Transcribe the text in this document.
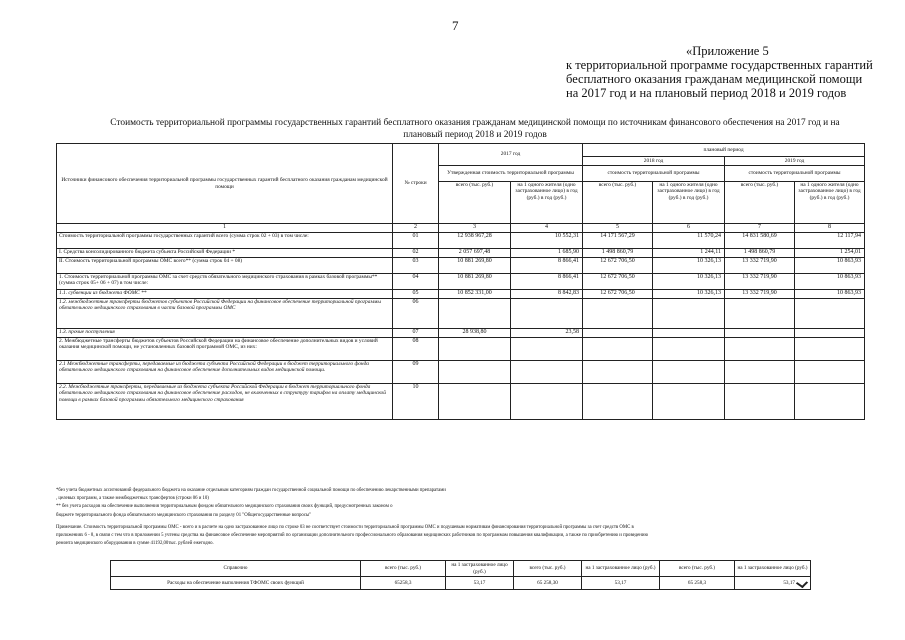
7
«Приложение 5
к территориальной программе государственных гарантий
бесплатного оказания гражданам медицинской помощи
на 2017 год и на плановый период 2018 и 2019 годов
Стоимость территориальной программы государственных гарантий бесплатного оказания гражданам медицинской помощи по источникам финансового обеспечения на 2017 год и на
плановый период 2018 и 2019 годов
Источники финансового обеспечения территориальной программы государственных гарантий бесплатного оказания гражданам медицинской помощи	№ строки	2017 год		плановый период			
				2018 год		2019 год	
		Утвержденная стоимость территориальной программы		стоимость территориальной программы		стоимость территориальной программы	
		всего (тыс. руб.)	на 1 одного жителя (одно застрахованное лицо) в год (руб.) в год (руб.)	всего (тыс. руб.)	на 1 одного жителя (одно застрахованное лицо) в год (руб.) в год (руб.)	всего (тыс. руб.)	на 1 одного жителя (одно застрахованное лицо) в год (руб.) в год (руб.)
1	2	3	4	5	6	7	8
Стоимость территориальной программы государственных гарантий всего (сумма строк 02 + 03) в том числе:	01	12 938 967,28	10 552,31	14 171 567,29	11 570,24	14 831 580,69	12 117,94
I. Средства консолидированного бюджета субъекта Российской Федерации *	02	2 057 697,48	1 685,90	1 498 860,79	1 244,11	1 498 860,79	1 254,01
II. Стоимость территориальной программы ОМС всего** (сумма строк 04 + 08)	03	10 881 269,80	8 866,41	12 672 706,50	10 326,13	13 332 719,90	10 863,93
1. Стоимость территориальной программы ОМС за счет средств обязательного медицинского страхования в рамках базовой программы** (сумма строк 05+ 06 + 07) в том числе:	04	10 881 269,80	8 866,41	12 672 706,50	10 326,13	13 332 719,90	10 863,93
1.1. субвенции из бюджета ФОМС **	05	10 852 331,00	8 842,83	12 672 706,50	10 326,13	13 332 719,90	10 863,93
1.2. межбюджетные трансферты бюджетов субъектов Российской Федерации на финансовое обеспечение территориальной программы обязательного медицинского страхования в части базовой программы ОМС	06						
1.3. прочие поступления	07	28 938,80	23,58				
2. Межбюджетные трансферты бюджетов субъектов Российской Федерации на финансовое обеспечение дополнительных видов и условий оказания медицинской помощи, не установленных базовой программой ОМС, из них:	08						
2.1 Межбюджетные трансферты, передаваемые из бюджета субъекта Российской Федерации в бюджет территориального фонда обязательного медицинского страхования на финансовое обеспечение дополнительных видов медицинской помощи.	09						
2.2. Межбюджетные трансферты, передаваемые из бюджета субъекта Российской Федерации в бюджет территориального фонда обязательного медицинского страхования на финансовое обеспечение расходов, не включенных в структуру тарифов на оплату медицинской помощи в рамках базовой программы обязательного медицинского страхования	10						
*без учета бюджетных ассигнований федерального бюджета на оказание отдельным категориям граждан государственной социальной помощи по обеспечению лекарственными препаратами
, целевых программ, а также межбюджетных трансфертов (строки 06 и 10)
** без учета расходов на обеспечение выполнения территориальным фондом обязательного медицинского страхования своих функций, предусмотренных законом о
бюджете территориального фонда обязательного медицинского страхования по разделу 01 "Общегосударственные вопросы"
Примечание. Стоимость территориальной программы ОМС - всего и в расчете на одно застрахованное лицо по строке 03 не соответствует стоимости территориальной программы ОМС и подушевым нормативам финансирования территориальной программы за счет средств ОМС в
приложениях 6 - 8, в связи с тем что в приложении 5 учтены средства на финансовое обеспечение мероприятий по организации дополнительного профессионального образования медицинских работников по программам повышения квалификации, а также по приобретению и проведению
ремонта медицинского оборудования в сумме 41192,00тыс. рублей ежегодно.
Справочно	всего (тыс. руб.)	на 1 застрахованное лицо (руб.)	всего (тыс. руб.)	на 1 застрахованное лицо (руб.)	всего (тыс. руб.)	на 1 застрахованное лицо (руб.)
Расходы на обеспечение выполнения ТФОМС своих функций	65258,3	53,17	65 258,30	53,17	65 258,3	53,17
